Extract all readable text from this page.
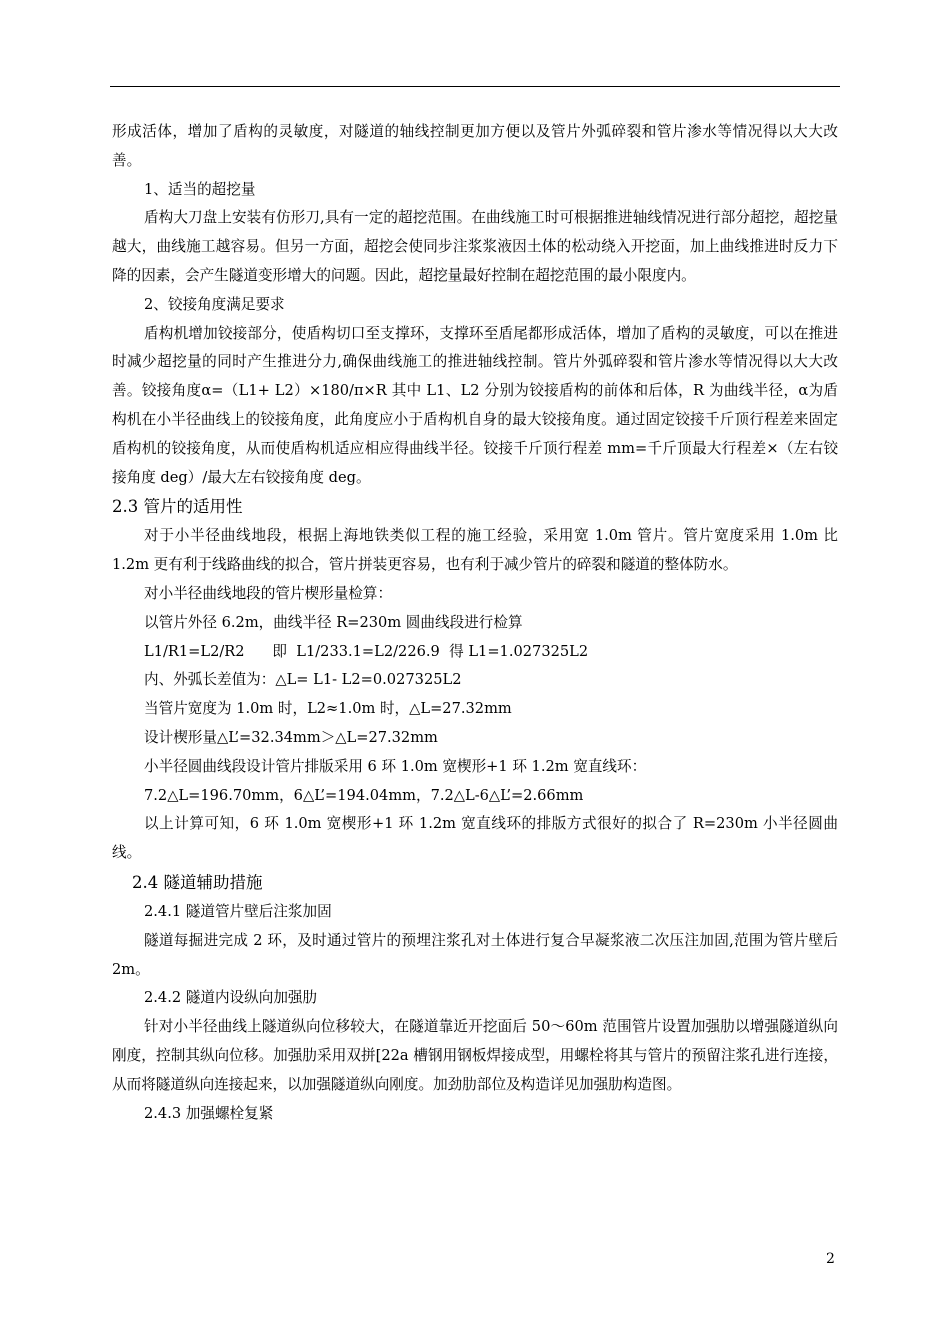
形成活体，增加了盾构的灵敏度，对隧道的轴线控制更加方便以及管片外弧碎裂和管片渗水等情况得以大大改善。

1、适当的超挖量

盾构大刀盘上安装有仿形刀,具有一定的超挖范围。在曲线施工时可根据推进轴线情况进行部分超挖，超挖量越大，曲线施工越容易。但另一方面，超挖会使同步注浆浆液因土体的松动绕入开挖面，加上曲线推进时反力下降的因素，会产生隧道变形增大的问题。因此，超挖量最好控制在超挖范围的最小限度内。

2、铰接角度满足要求

盾构机增加铰接部分，使盾构切口至支撑环，支撑环至盾尾都形成活体，增加了盾构的灵敏度，可以在推进时减少超挖量的同时产生推进分力,确保曲线施工的推进轴线控制。管片外弧碎裂和管片渗水等情况得以大大改善。铰接角度α=（L1+ L2）×180/π×R 其中 L1、L2 分别为铰接盾构的前体和后体，R 为曲线半径，α为盾构机在小半径曲线上的铰接角度，此角度应小于盾构机自身的最大铰接角度。通过固定铰接千斤顶行程差来固定盾构机的铰接角度，从而使盾构机适应相应得曲线半径。铰接千斤顶行程差 mm=千斤顶最大行程差×（左右铰接角度 deg）/最大左右铰接角度 deg。

2.3 管片的适用性

对于小半径曲线地段，根据上海地铁类似工程的施工经验，采用宽 1.0m 管片。管片宽度采用 1.0m 比 1.2m 更有利于线路曲线的拟合，管片拼装更容易，也有利于减少管片的碎裂和隧道的整体防水。

对小半径曲线地段的管片楔形量检算：

以管片外径 6.2m，曲线半径 R=230m 圆曲线段进行检算

L1/R1=L2/R2      即  L1/233.1=L2/226.9  得 L1=1.027325L2

内、外弧长差值为：△L= L1- L2=0.027325L2

当管片宽度为 1.0m 时，L2≈1.0m 时，△L=27.32mm

设计楔形量△L’=32.34mm＞△L=27.32mm

小半径圆曲线段设计管片排版采用 6 环 1.0m 宽楔形+1 环 1.2m 宽直线环：

7.2△L=196.70mm，6△L’=194.04mm，7.2△L-6△L’=2.66mm

以上计算可知，6 环 1.0m 宽楔形+1 环 1.2m 宽直线环的排版方式很好的拟合了 R=230m 小半径圆曲线。

2.4 隧道辅助措施

2.4.1 隧道管片壁后注浆加固

隧道每掘进完成 2 环，及时通过管片的预埋注浆孔对土体进行复合早凝浆液二次压注加固,范围为管片壁后 2m。

2.4.2 隧道内设纵向加强肋

针对小半径曲线上隧道纵向位移较大，在隧道靠近开挖面后 50～60m 范围管片设置加强肋以增强隧道纵向刚度，控制其纵向位移。加强肋采用双拼[22a 槽钢用钢板焊接成型，用螺栓将其与管片的预留注浆孔进行连接，从而将隧道纵向连接起来，以加强隧道纵向刚度。加劲肋部位及构造详见加强肋构造图。

2.4.3 加强螺栓复紧

2
